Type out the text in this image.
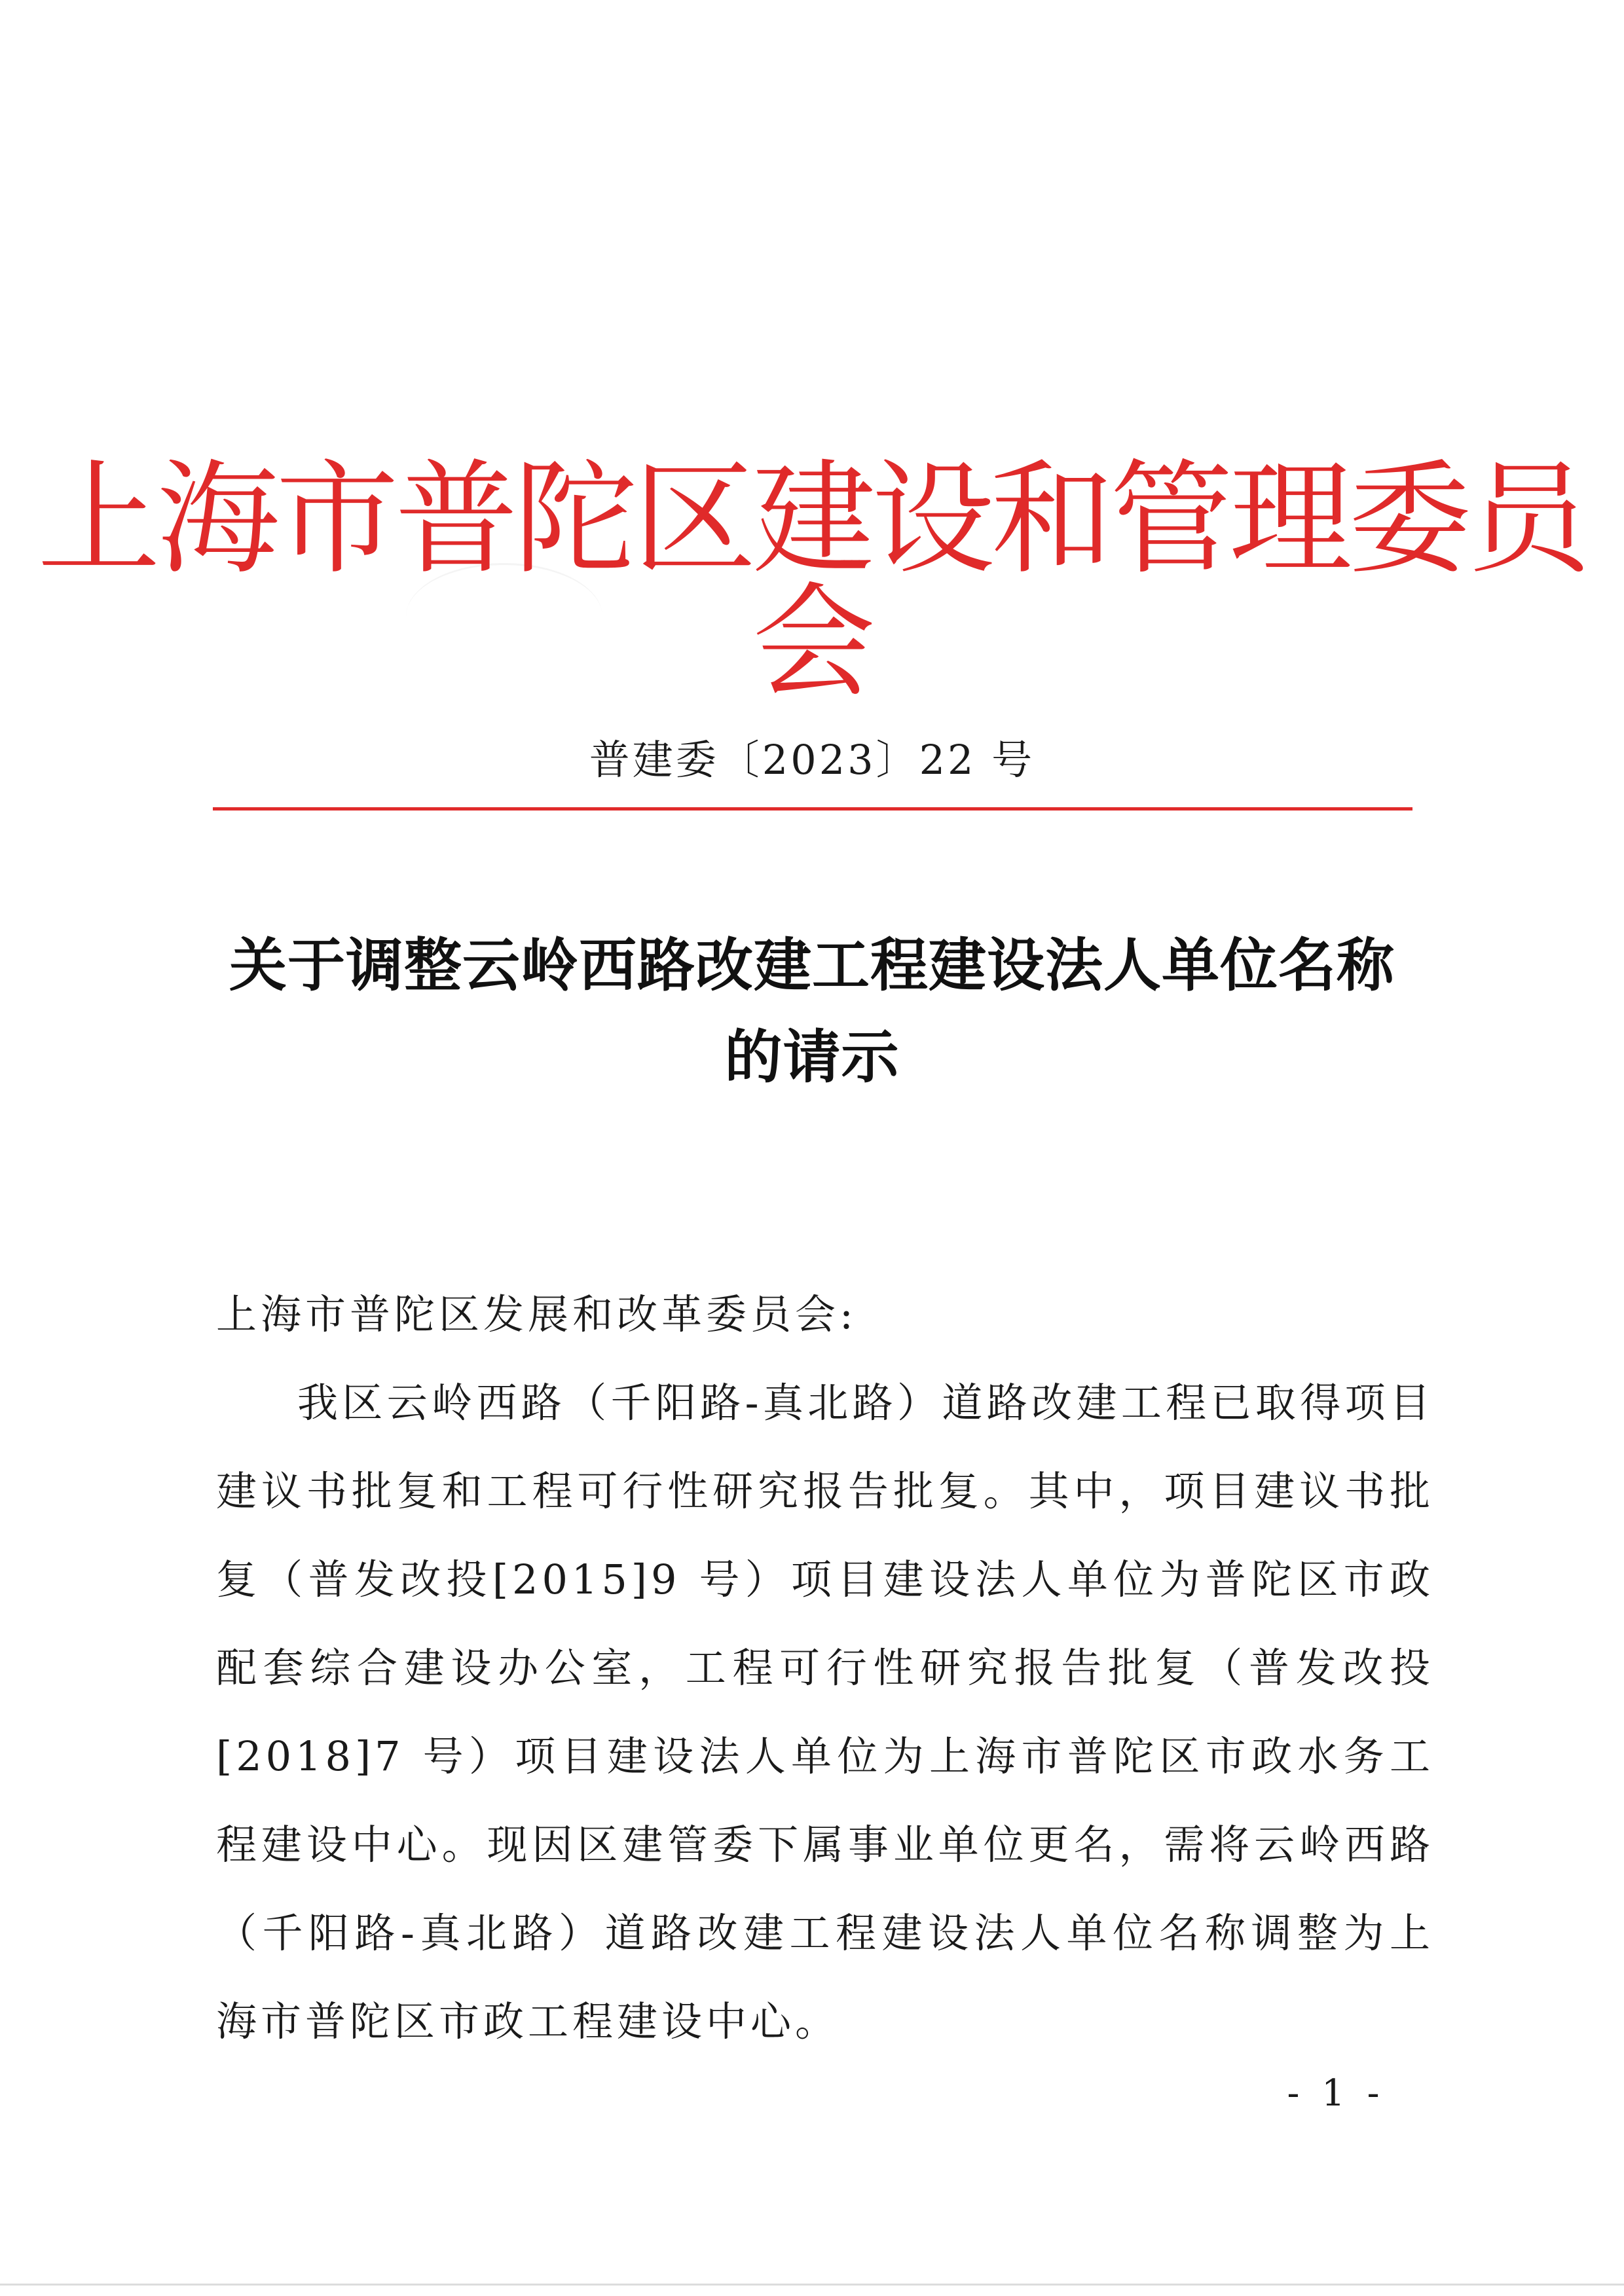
上海市普陀区建设和管理委员会
普建委〔2023〕22 号
关于调整云岭西路改建工程建设法人单位名称
的请示

上海市普陀区发展和改革委员会:

我区云岭西路（千阳路-真北路）道路改建工程已取得项目建议书批复和工程可行性研究报告批复。其中，项目建议书批复（普发改投[2015]9 号）项目建设法人单位为普陀区市政配套综合建设办公室，工程可行性研究报告批复（普发改投[2018]7 号）项目建设法人单位为上海市普陀区市政水务工程建设中心。现因区建管委下属事业单位更名，需将云岭西路（千阳路-真北路）道路改建工程建设法人单位名称调整为上海市普陀区市政工程建设中心。

- 1 -
